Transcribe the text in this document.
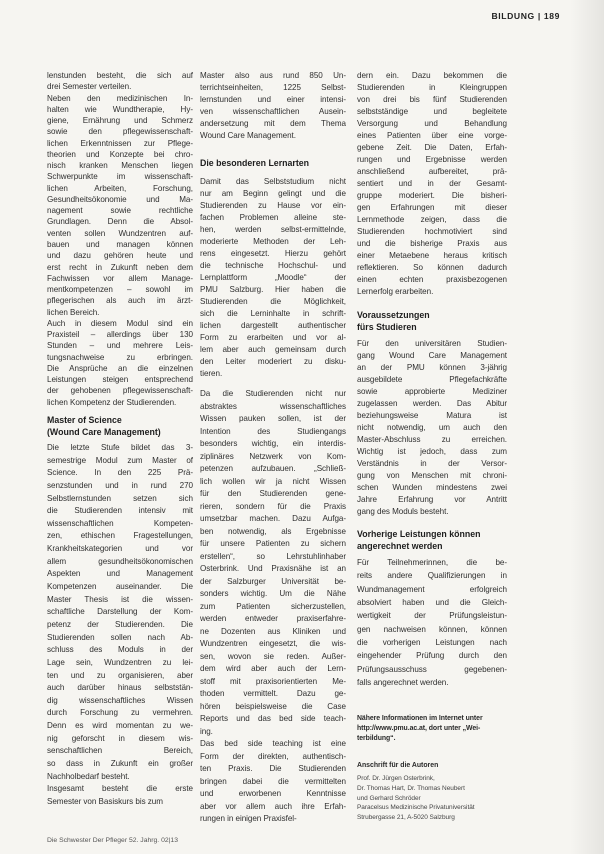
BILDUNG | 189
lenstunden besteht, die sich auf
drei Semester verteilen.
Neben den medizinischen In-
halten wie Wundtherapie, Hy-
giene, Ernährung und Schmerz
sowie den pflegewissenschaft-
lichen Erkenntnissen zur Pflege-
theorien und Konzepte bei chro-
nisch kranken Menschen liegen
Schwerpunkte im wissenschaft-
lichen Arbeiten, Forschung,
Gesundheitsökonomie und Ma-
nagement sowie rechtliche
Grundlagen. Denn die Absol-
venten sollen Wundzentren auf-
bauen und managen können
und dazu gehören heute und
erst recht in Zukunft neben dem
Fachwissen vor allem Manage-
mentkompetenzen – sowohl im
pflegerischen als auch im ärzt-
lichen Bereich.
Auch in diesem Modul sind ein
Praxisteil – allerdings über 130
Stunden – und mehrere Leis-
tungsnachweise zu erbringen.
Die Ansprüche an die einzelnen
Leistungen steigen entsprechend
der gehobenen pflegewissenschaft-
lichen Kompetenz der Studierenden.
Master of Science
(Wound Care Management)
Die letzte Stufe bildet das 3-
semestrige Modul zum Master of
Science. In den 225 Prä-
senzstunden und in rund 270
Selbstlernstunden setzen sich
die Studierenden intensiv mit
wissenschaftlichen Kompeten-
zen, ethischen Fragestellungen,
Krankheitskategorien und vor
allem gesundheitsökonomischen
Aspekten und Management
Kompetenzen auseinander. Die
Master Thesis ist die wissen-
schaftliche Darstellung der Kom-
petenz der Studierenden. Die
Studierenden sollen nach Ab-
schluss des Moduls in der
Lage sein, Wundzentren zu lei-
ten und zu organisieren, aber
auch darüber hinaus selbststän-
dig wissenschaftliches Wissen
durch Forschung zu vermehren.
Denn es wird momentan zu we-
nig geforscht in diesem wis-
senschaftlichen Bereich,
so dass in Zukunft ein großer
Nachholbedarf besteht.
Insgesamt besteht die erste
Semester von Basiskurs bis zum
Master also aus rund 850 Un-
terrichtseinheiten, 1225 Selbst-
lernstunden und einer intensi-
ven wissenschaftlichen Ausein-
andersetzung mit dem Thema
Wound Care Management.
Die besonderen Lernarten
Damit das Selbststudium nicht
nur am Beginn gelingt und die
Studierenden zu Hause vor ein-
fachen Problemen alleine ste-
hen, werden selbst-ermittelnde,
moderierte Methoden der Leh-
rens eingesetzt. Hierzu gehört
die technische Hochschul- und
Lernplattform „Moodle“ der
PMU Salzburg. Hier haben die
Studierenden die Möglichkeit,
sich die Lerninhalte in schrift-
lichen dargestellt authentischer
Form zu erarbeiten und vor al-
lem aber auch gemeinsam durch
den Leiter moderiert zu disku-
tieren.
Da die Studierenden nicht nur
abstraktes wissenschaftliches
Wissen pauken sollen, ist der
Intention des Studiengangs
besonders wichtig, ein interdis-
ziplinäres Netzwerk von Kom-
petenzen aufzubauen. „Schließ-
lich wollen wir ja nicht Wissen
für den Studierenden gene-
rieren, sondern für die Praxis
umsetzbar machen. Dazu Aufga-
ben notwendig, als Ergebnisse
für unsere Patienten zu sichern
erstellen“, so Lehrstuhlinhaber
Osterbrink. Und Praxisnähe ist an
der Salzburger Universität be-
sonders wichtig. Um die Nähe
zum Patienten sicherzustellen,
werden entweder praxiserfahre-
ne Dozenten aus Kliniken und
Wundzentren eingesetzt, die wis-
sen, wovon sie reden. Außer-
dem wird aber auch der Lern-
stoff mit praxisorientierten Me-
thoden vermittelt. Dazu ge-
hören beispielsweise die Case
Reports und das bed side teach-
ing.
Das bed side teaching ist eine
Form der direkten, authentisch-
ten Praxis. Die Studierenden
bringen dabei die vermittelten
und erworbenen Kenntnisse
aber vor allem auch ihre Erfah-
rungen in einigen Praxisfel-
dern ein. Dazu bekommen die
Studierenden in Kleingruppen
von drei bis fünf Studierenden
selbstständige und begleitete
Versorgung und Behandlung
eines Patienten über eine vorge-
gebene Zeit. Die Daten, Erfah-
rungen und Ergebnisse werden
anschließend aufbereitet, prä-
sentiert und in der Gesamt-
gruppe moderiert. Die bisheri-
gen Erfahrungen mit dieser
Lernmethode zeigen, dass die
Studierenden hochmotiviert sind
und die bisherige Praxis aus
einer Metaebene heraus kritisch
reflektieren. So können dadurch
einen echten praxisbezogenen
Lernerfolg erarbeiten.
Voraussetzungen
fürs Studieren
Für den universitären Studien-
gang Wound Care Management
an der PMU können 3-jährig
ausgebildete Pflegefachkräfte
sowie approbierte Mediziner
zugelassen werden. Das Abitur
beziehungsweise Matura ist
nicht notwendig, um auch den
Master-Abschluss zu erreichen.
Wichtig ist jedoch, dass zum
Verständnis in der Versor-
gung von Menschen mit chroni-
schen Wunden mindestens zwei
Jahre Erfahrung vor Antritt
gang des Moduls besteht.
Vorherige Leistungen können
angerechnet werden
Für Teilnehmerinnen, die be-
reits andere Qualifizierungen in
Wundmanagement erfolgreich
absolviert haben und die Gleich-
wertigkeit der Prüfungsleistun-
gen nachweisen können, können
die vorherigen Leistungen nach
eingehender Prüfung durch den
Prüfungsausschuss gegebenen-
falls angerechnet werden.
Nähere Informationen im Internet unter
http://www.pmu.ac.at, dort unter „Wei-
terbildung“.
Anschrift für die Autoren
Prof. Dr. Jürgen Osterbrink,
Dr. Thomas Hart, Dr. Thomas Neubert
und Gerhard Schröder
Paracelsus Medizinische Privatuniversität
Strubergasse 21, A-5020 Salzburg
Die Schwester Der Pfleger 52. Jahrg. 02|13
